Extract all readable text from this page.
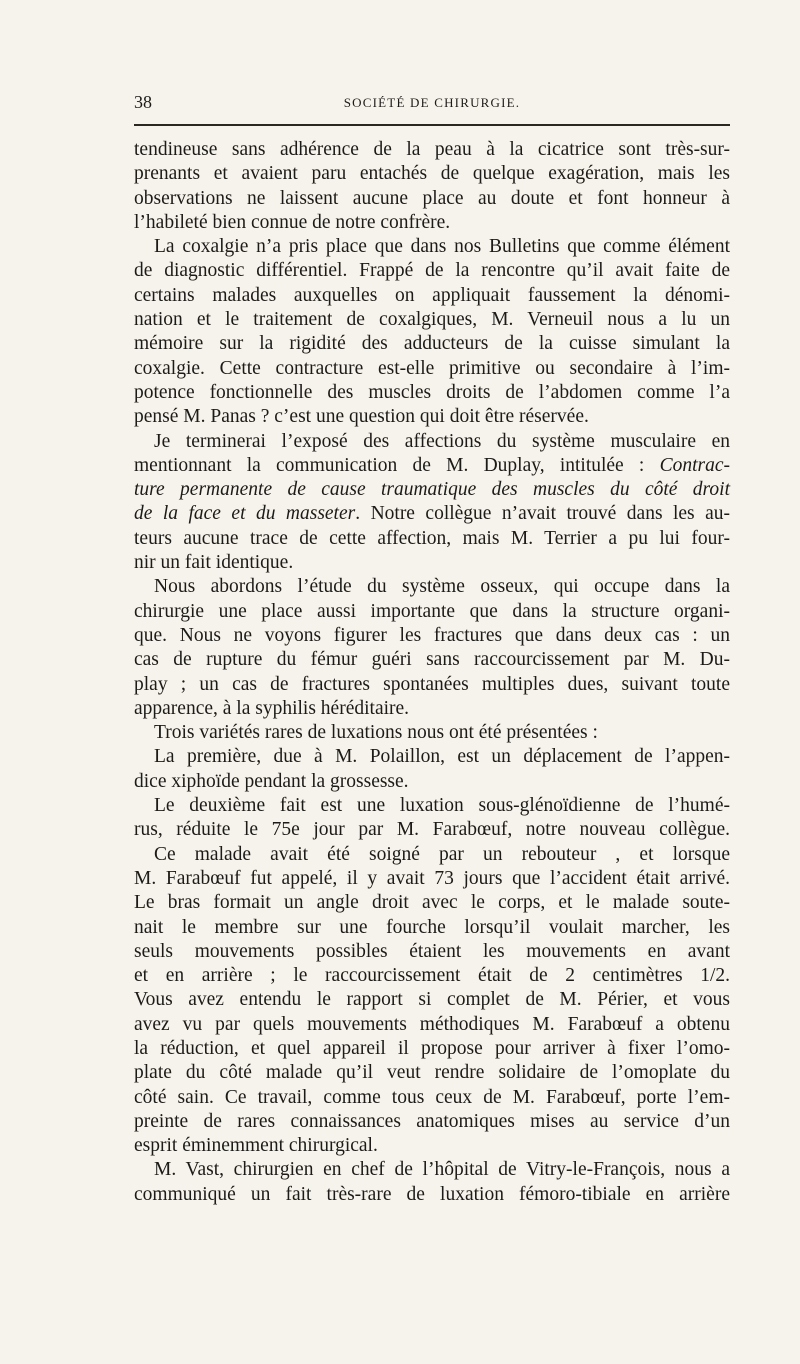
38	SOCIÉTÉ DE CHIRURGIE.
tendineuse sans adhérence de la peau à la cicatrice sont très-sur-
prenants et avaient paru entachés de quelque exagération, mais les
observations ne laissent aucune place au doute et font honneur à
l’habileté bien connue de notre confrère.
La coxalgie n’a pris place que dans nos Bulletins que comme élément
de diagnostic différentiel. Frappé de la rencontre qu’il avait faite de
certains malades auxquelles on appliquait faussement la dénomi-
nation et le traitement de coxalgiques, M. Verneuil nous a lu un
mémoire sur la rigidité des adducteurs de la cuisse simulant la
coxalgie. Cette contracture est-elle primitive ou secondaire à l’im-
potence fonctionnelle des muscles droits de l’abdomen comme l’a
pensé M. Panas ? c’est une question qui doit être réservée.
Je terminerai l’exposé des affections du système musculaire en
mentionnant la communication de M. Duplay, intitulée : Contrac-
ture permanente de cause traumatique des muscles du côté droit
de la face et du masseter. Notre collègue n’avait trouvé dans les au-
teurs aucune trace de cette affection, mais M. Terrier a pu lui four-
nir un fait identique.
Nous abordons l’étude du système osseux, qui occupe dans la
chirurgie une place aussi importante que dans la structure organi-
que. Nous ne voyons figurer les fractures que dans deux cas : un
cas de rupture du fémur guéri sans raccourcissement par M. Du-
play ; un cas de fractures spontanées multiples dues, suivant toute
apparence, à la syphilis héréditaire.
Trois variétés rares de luxations nous ont été présentées :
La première, due à M. Polaillon, est un déplacement de l’appen-
dice xiphoïde pendant la grossesse.
Le deuxième fait est une luxation sous-glénoïdienne de l’humé-
rus, réduite le 75e jour par M. Farabœuf, notre nouveau collègue.
Ce malade avait été soigné par un rebouteur , et lorsque
M. Farabœuf fut appelé, il y avait 73 jours que l’accident était arrivé.
Le bras formait un angle droit avec le corps, et le malade soute-
nait le membre sur une fourche lorsqu’il voulait marcher, les
seuls mouvements possibles étaient les mouvements en avant
et en arrière ; le raccourcissement était de 2 centimètres 1/2.
Vous avez entendu le rapport si complet de M. Périer, et vous
avez vu par quels mouvements méthodiques M. Farabœuf a obtenu
la réduction, et quel appareil il propose pour arriver à fixer l’omo-
plate du côté malade qu’il veut rendre solidaire de l’omoplate du
côté sain. Ce travail, comme tous ceux de M. Farabœuf, porte l’em-
preinte de rares connaissances anatomiques mises au service d’un
esprit éminemment chirurgical.
M. Vast, chirurgien en chef de l’hôpital de Vitry-le-François, nous a
communiqué un fait très-rare de luxation fémoro-tibiale en arrière
